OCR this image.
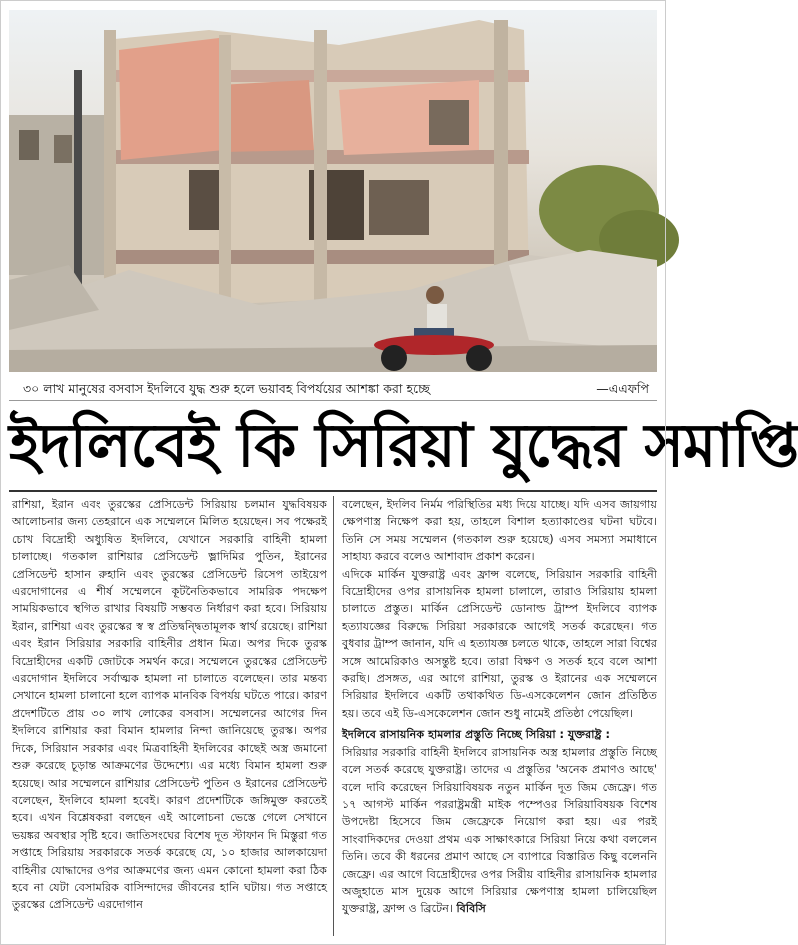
৩০ লাখ মানুষের বসবাস ইদলিবে যুদ্ধ শুরু হলে ভয়াবহ বিপর্যয়ের আশঙ্কা করা হচ্ছে	—এএফপি
ইদলিবেই কি সিরিয়া যুদ্ধের সমাপ্তি

রাশিয়া, ইরান এবং তুরস্কের প্রেসিডেন্ট সিরিয়ায় চলমান যুদ্ধবিষয়ক আলোচনার জন্য তেহরানে এক সম্মেলনে মিলিত হয়েছেন। সব পক্ষেরই চোখ বিদ্রোহী অধ্যুষিত ইদলিবে, যেখানে সরকারি বাহিনী হামলা চালাচ্ছে। গতকাল রাশিয়ার প্রেসিডেন্ট ভ্লাদিমির পুতিন, ইরানের প্রেসিডেন্ট হাসান রুহানি এবং তুরস্কের প্রেসিডেন্ট রিসেপ তাইয়েপ এরদোগানের এ শীর্ষ সম্মেলনে কূটনৈতিকভাবে সামরিক পদক্ষেপ সাময়িকভাবে স্থগিত রাখার বিষয়টি সম্ভবত নির্ধারণ করা হবে। সিরিয়ায় ইরান, রাশিয়া এবং তুরস্কের স্ব স্ব প্রতিদ্বন্দ্বিতামূলক স্বার্থ রয়েছে। রাশিয়া এবং ইরান সিরিয়ার সরকারি বাহিনীর প্রধান মিত্র। অপর দিকে তুরস্ক বিদ্রোহীদের একটি জোটকে সমর্থন করে। সম্মেলনে তুরস্কের প্রেসিডেন্ট এরদোগান ইদলিবে সর্বাত্মক হামলা না চালাতে বলেছেন। তার মন্তব্য সেখানে হামলা চালানো হলে ব্যাপক মানবিক বিপর্যয় ঘটতে পারে। কারণ প্রদেশটিতে প্রায় ৩০ লাখ লোকের বসবাস। সম্মেলনের আগের দিন ইদলিবে রাশিয়ার করা বিমান হামলার নিন্দা জানিয়েছে তুরস্ক। অপর দিকে, সিরিয়ান সরকার এবং মিত্রবাহিনী ইদলিবের কাছেই অস্ত্র জমানো শুরু করেছে চূড়ান্ত আক্রমণের উদ্দেশ্যে। এর মধ্যে বিমান হামলা শুরু হয়েছে। আর সম্মেলনে রাশিয়ার প্রেসিডেন্ট পুতিন ও ইরানের প্রেসিডেন্ট বলেছেন, ইদলিবে হামলা হবেই। কারণ প্রদেশটিকে জঙ্গিমুক্ত করতেই হবে। এখন বিশ্লেষকরা বলছেন এই আলোচনা ভেস্তে গেলে সেখানে ভয়ঙ্কর অবস্থার সৃষ্টি হবে। জাতিসংঘের বিশেষ দূত স্টাফান দি মিস্তুরা গত সপ্তাহে সিরিয়ায় সরকারকে সতর্ক করেছে যে, ১০ হাজার আলকায়েদা বাহিনীর যোদ্ধাদের ওপর আক্রমণের জন্য এমন কোনো হামলা করা ঠিক হবে না যেটা বেসামরিক বাসিন্দাদের জীবনের হানি ঘটায়। গত সপ্তাহে তুরস্কের প্রেসিডেন্ট এরদোগান

বলেছেন, ইদলিব নির্মম পরিস্থিতির মধ্য দিয়ে যাচ্ছে। যদি এসব জায়গায় ক্ষেপণাস্ত্র নিক্ষেপ করা হয়, তাহলে বিশাল হত্যাকাণ্ডের ঘটনা ঘটবে। তিনি সে সময় সম্মেলন (গতকাল শুরু হয়েছে) এসব সমস্যা সমাধানে সাহায্য করবে বলেও আশাবাদ প্রকাশ করেন।

এদিকে মার্কিন যুক্তরাষ্ট্র এবং ফ্রান্স বলেছে, সিরিয়ান সরকারি বাহিনী বিদ্রোহীদের ওপর রাসায়নিক হামলা চালালে, তারাও সিরিয়ায় হামলা চালাতে প্রস্তুত। মার্কিন প্রেসিডেন্ট ডোনাল্ড ট্রাম্প ইদলিবে ব্যাপক হত্যাযজ্ঞের বিরুদ্ধে সিরিয়া সরকারকে আগেই সতর্ক করেছেন। গত বুধবার ট্রাম্প জানান, যদি এ হত্যাযজ্ঞ চলতে থাকে, তাহলে সারা বিশ্বের সঙ্গে আমেরিকাও অসন্তুষ্ট হবে। তারা বিক্ষণ ও সতর্ক হবে বলে আশা করছি। প্রসঙ্গত, এর আগে রাশিয়া, তুরস্ক ও ইরানের এক সম্মেলনে সিরিয়ার ইদলিবে একটি তথাকথিত ডি-এসকেলেশন জোন প্রতিষ্ঠিত হয়। তবে এই ডি-এসকেলেশন জোন শুধু নামেই প্রতিষ্ঠা পেয়েছিল।

ইদলিবে রাসায়নিক হামলার প্রস্তুতি নিচ্ছে সিরিয়া : যুক্তরাষ্ট্র :

সিরিয়ার সরকারি বাহিনী ইদলিবে রাসায়নিক অস্ত্র হামলার প্রস্তুতি নিচ্ছে বলে সতর্ক করেছে যুক্তরাষ্ট্র। তাদের এ প্রস্তুতির 'অনেক প্রমাণও আছে' বলে দাবি করেছেন সিরিয়াবিষয়ক নতুন মার্কিন দূত জিম জেফ্রে। গত ১৭ আগস্ট মার্কিন পররাষ্ট্রমন্ত্রী মাইক পম্পেওর সিরিয়াবিষয়ক বিশেষ উপদেষ্টা হিসেবে জিম জেফ্রেকে নিয়োগ করা হয়। এর পরই সাংবাদিকদের দেওয়া প্রথম এক সাক্ষাৎকারে সিরিয়া নিয়ে কথা বললেন তিনি। তবে কী ধরনের প্রমাণ আছে সে ব্যাপারে বিস্তারিত কিছু বলেননি জেফ্রে। এর আগে বিদ্রোহীদের ওপর সিরীয় বাহিনীর রাসায়নিক হামলার অজুহাতে মাস দুয়েক আগে সিরিয়ার ক্ষেপণাস্ত্র হামলা চালিয়েছিল যুক্তরাষ্ট্র, ফ্রান্স ও ব্রিটেন। বিবিসি
